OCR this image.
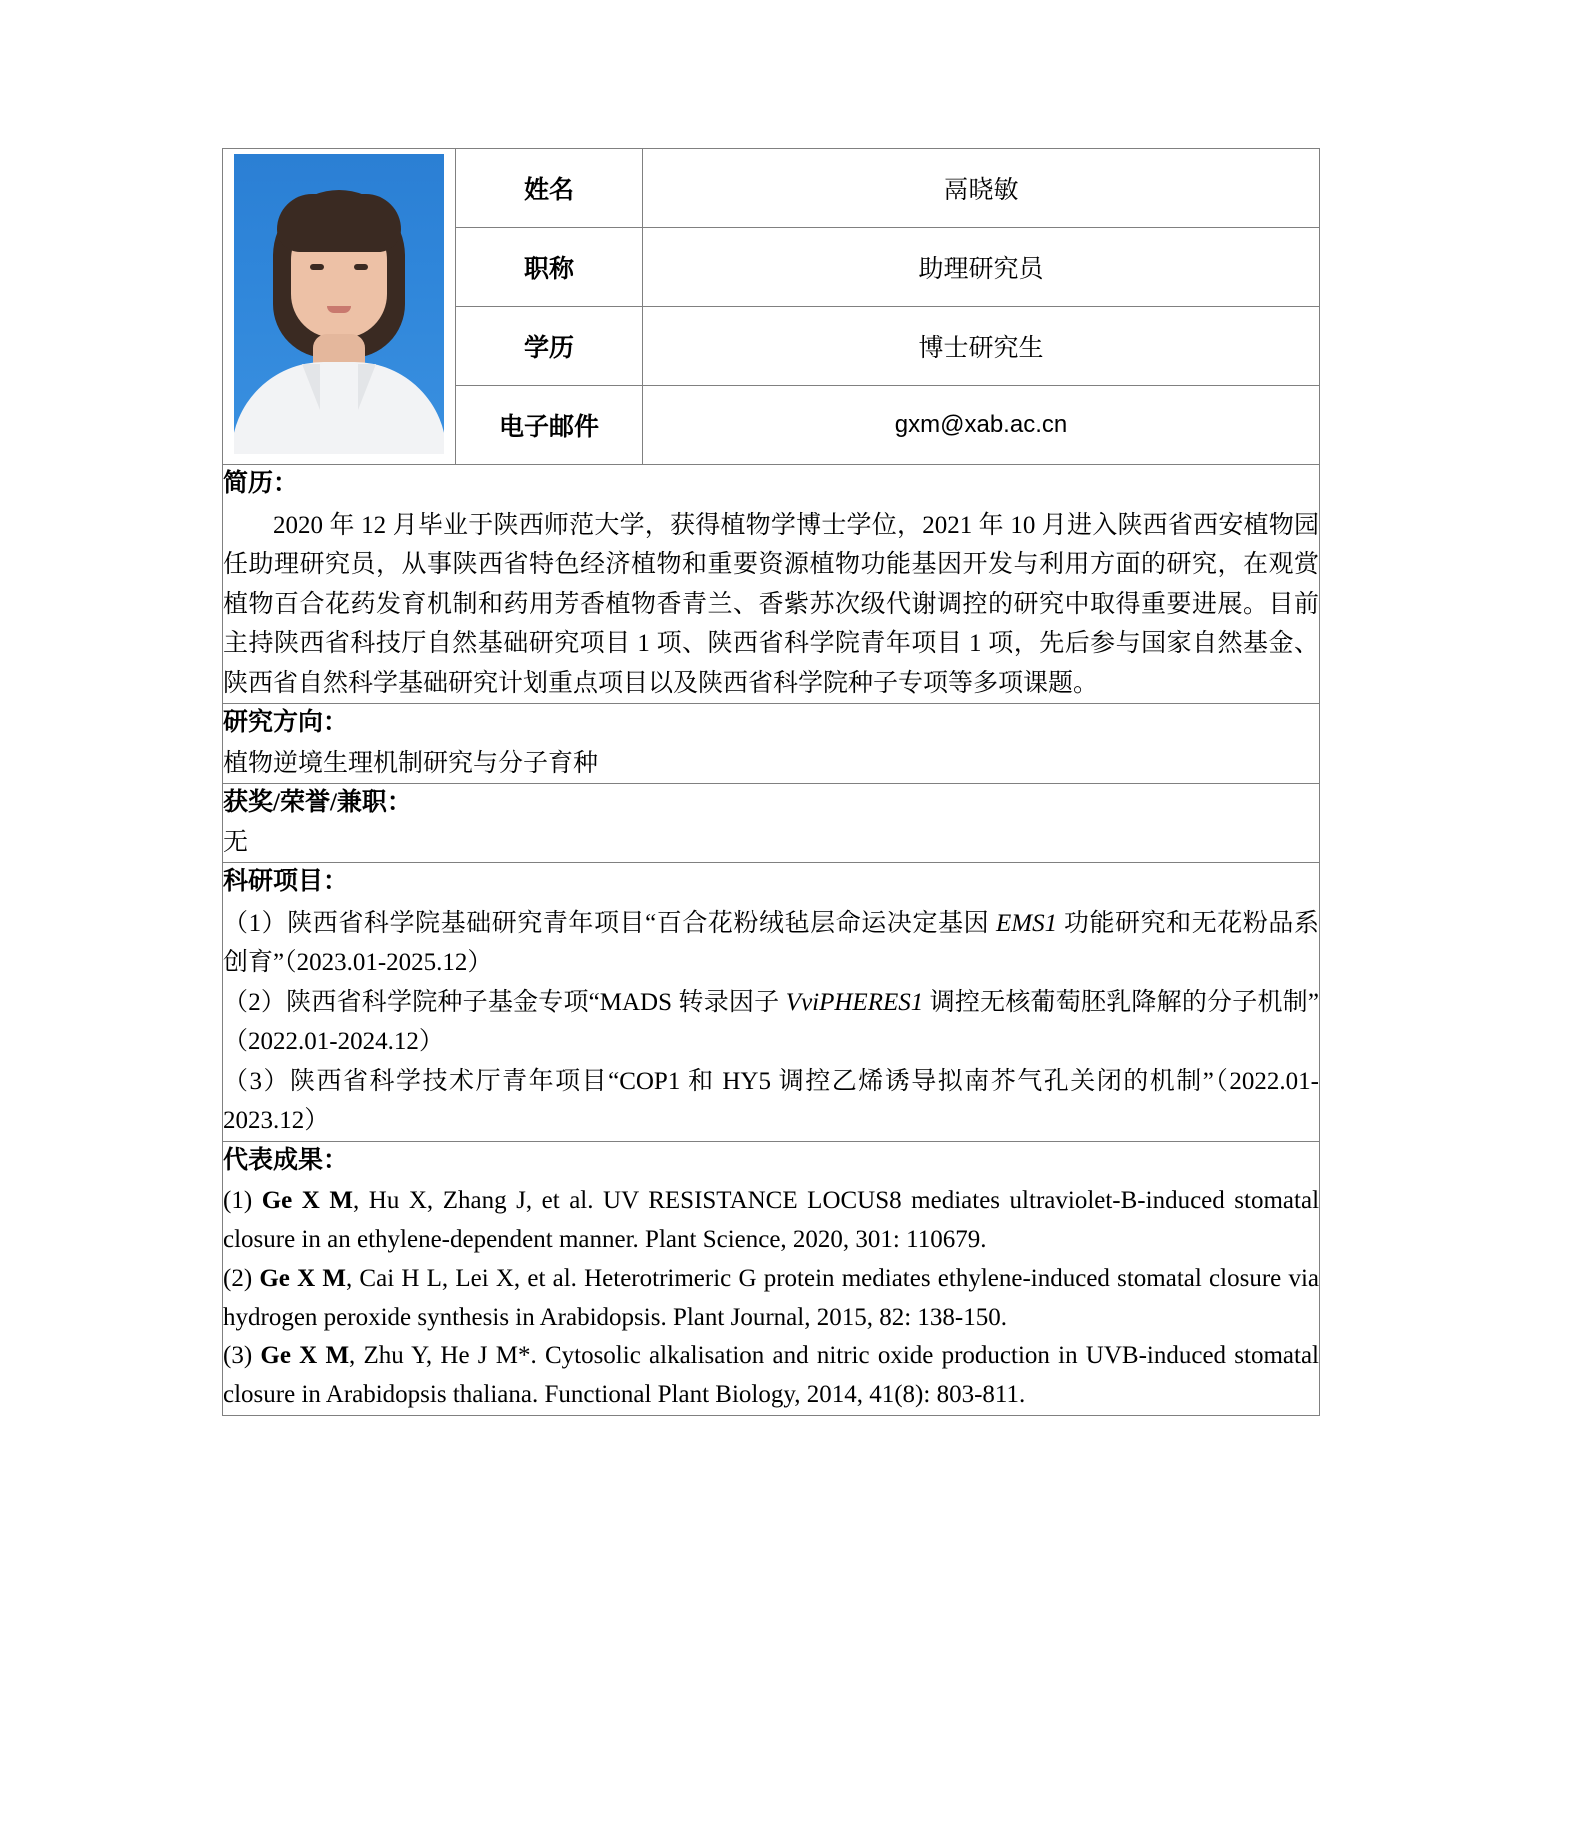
	姓名	鬲晓敏
	职称	助理研究员
	学历	博士研究生
	电子邮件	gxm@xab.ac.cn

简历：
2020 年 12 月毕业于陕西师范大学，获得植物学博士学位，2021 年 10 月进入陕西省西安植物园任助理研究员，从事陕西省特色经济植物和重要资源植物功能基因开发与利用方面的研究，在观赏植物百合花药发育机制和药用芳香植物香青兰、香紫苏次级代谢调控的研究中取得重要进展。目前主持陕西省科技厅自然基础研究项目 1 项、陕西省科学院青年项目 1 项，先后参与国家自然基金、陕西省自然科学基础研究计划重点项目以及陕西省科学院种子专项等多项课题。		

研究方向：
植物逆境生理机制研究与分子育种		

获奖/荣誉/兼职：
无		

科研项目：
（1）陕西省科学院基础研究青年项目“百合花粉绒毡层命运决定基因 EMS1 功能研究和无花粉品系创育”（2023.01-2025.12）
（2）陕西省科学院种子基金专项“MADS 转录因子 VviPHERES1 调控无核葡萄胚乳降解的分子机制”（2022.01-2024.12）
（3）陕西省科学技术厅青年项目“COP1 和 HY5 调控乙烯诱导拟南芥气孔关闭的机制”（2022.01-2023.12）		

代表成果：
(1) Ge X M, Hu X, Zhang J, et al. UV RESISTANCE LOCUS8 mediates ultraviolet-B-induced stomatal closure in an ethylene-dependent manner. Plant Science, 2020, 301: 110679.
(2) Ge X M, Cai H L, Lei X, et al. Heterotrimeric G protein mediates ethylene-induced stomatal closure via hydrogen peroxide synthesis in Arabidopsis. Plant Journal, 2015, 82: 138-150.
(3) Ge X M, Zhu Y, He J M*. Cytosolic alkalisation and nitric oxide production in UVB-induced stomatal closure in Arabidopsis thaliana. Functional Plant Biology, 2014, 41(8): 803-811.		
